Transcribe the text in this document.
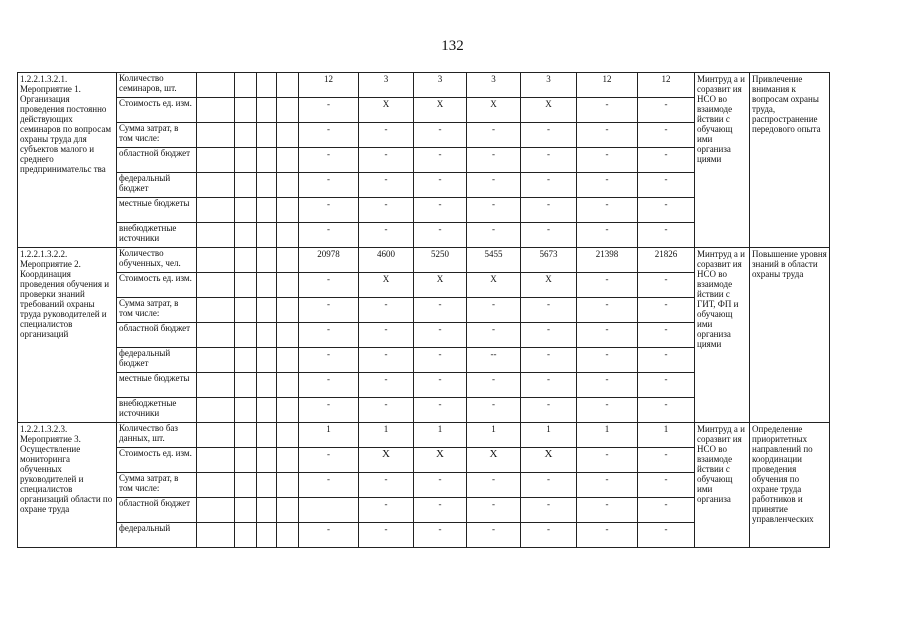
132
1.2.2.1.3.2.1. Мероприятие 1. Организация проведения постоянно действующих семинаров по вопросам охраны труда для субъектов малого и среднего предпринимательс тва	Количество семинаров, шт.					12	3	3	3	3	12	12	Минтруд а и соразвит ия НСО во взаимоде йствии с обучающ ими организа циями	Привлечение внимания к вопросам охраны труда, распространение передового опыта
	Стоимость ед. изм.					-	X	X	X	X	-	-		
	Сумма затрат, в том числе:					-	-	-	-	-	-	-		
	областной бюджет					-	-	-	-	-	-	-		
	федеральный бюджет					-	-	-	-	-	-	-		
	местные бюджеты					-	-	-	-	-	-	-		
	внебюджетные источники					-	-	-	-	-	-	-		
1.2.2.1.3.2.2. Мероприятие 2. Координация проведения обучения и проверки знаний требований охраны труда руководителей и специалистов организаций	Количество обученных, чел.					20978	4600	5250	5455	5673	21398	21826	Минтруд а и соразвит ия НСО во взаимоде йствии с ГИТ, ФП и обучающ ими организа циями	Повышение уровня знаний в области охраны труда
	Стоимость ед. изм.					-	X	X	X	X	-	-		
	Сумма затрат, в том числе:					-	-	-	-	-	-	-		
	областной бюджет					-	-	-	-	-	-	-		
	федеральный бюджет					-	-	-	--	-	-	-		
	местные бюджеты					-	-	-	-	-	-	-		
	внебюджетные источники					-	-	-	-	-	-	-		
1.2.2.1.3.2.3. Мероприятие 3. Осуществление мониторинга обученных руководителей и специалистов организаций области по охране труда	Количество баз данных, шт.					1	1	1	1	1	1	1	Минтруд а и соразвит ия НСО во взаимоде йствии с обучающ ими организа	Определение приоритетных направлений по координации проведения обучения по охране труда работников и принятие управленческих
	Стоимость ед. изм.					-	X	X	X	X	-	-		
	Сумма затрат, в том числе:					-	-	-	-	-	-	-		
	областной бюджет						-	-	-	-	-	-		
	федеральный					-	-	-	-	-	-	-		
